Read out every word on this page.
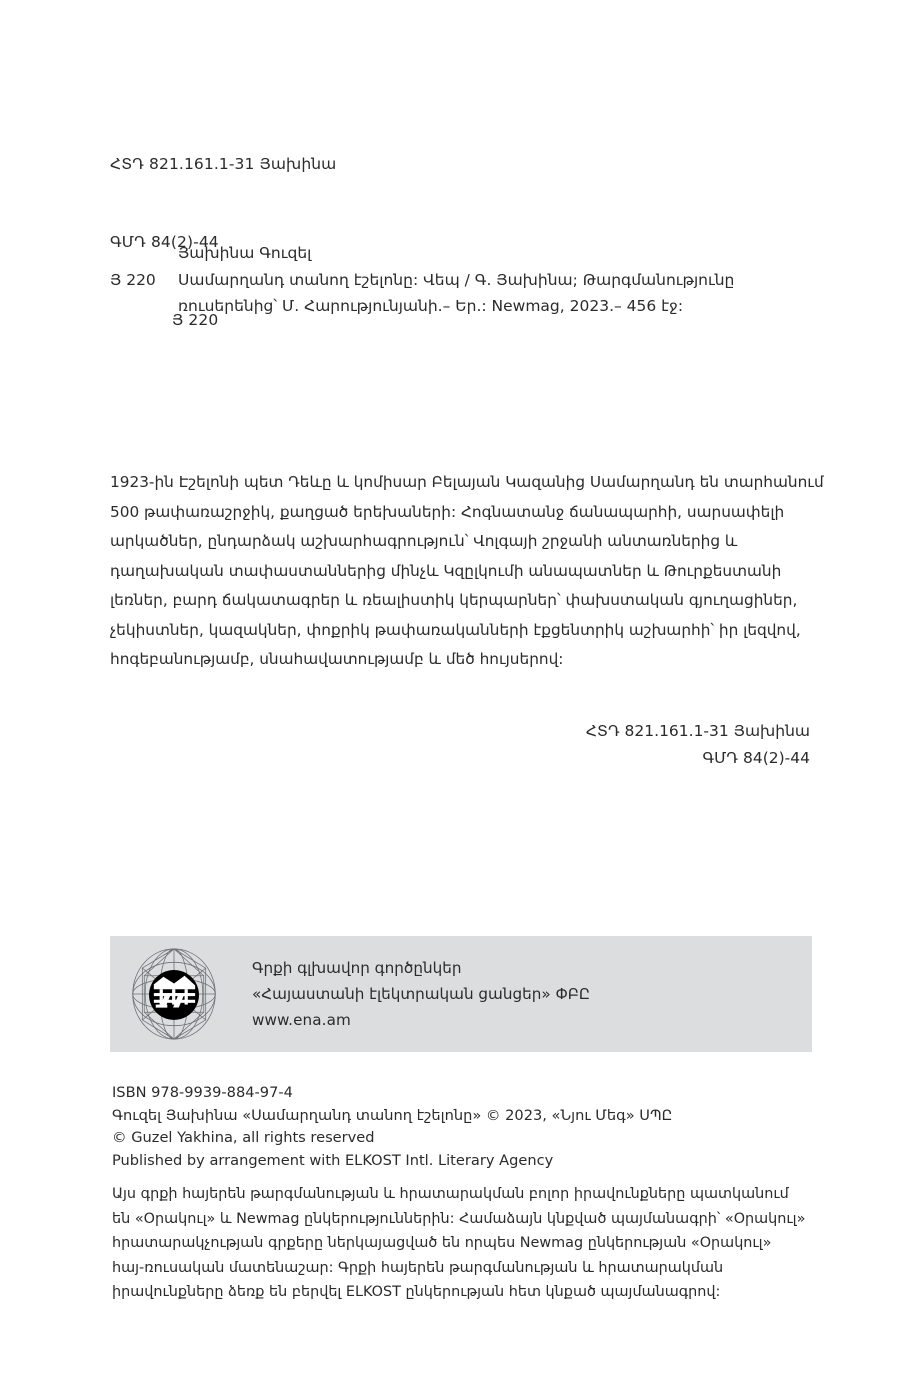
ՀՏԴ 821.161.1-31 Յախինա

ԳՄԴ 84(2)-44

Յ 220

Յախինա Գուզել
Յ 220	Սամարղանդ տանող էշելոնը: Վեպ / Գ. Յախինա; Թարգմանությունը
ռուսերենից՝ Մ. Հարությունյանի.– Եր.: Newmag, 2023.– 456 էջ:
1923-ին Էշելոնի պետ Դեևը և կոմիսար Բելայան Կազանից Սամարղանդ են տարհանում
500 թափառաշրջիկ, քաղցած երեխաների: Հոգնատանջ ճանապարհի, սարսափելի
արկածներ, ընդարձակ աշխարհագրություն՝ Վոլգայի շրջանի անտառներից և
դաղախական տափաստաններից մինչև Կզըլկումի անապատներ և Թուրքեստանի
լեռներ, բարդ ճակատագրեր և ռեալիստիկ կերպարներ՝ փախստական գյուղացիներ,
չեկիստներ, կազակներ, փոքրիկ թափառականների էքցենտրիկ աշխարհի՝ իր լեզվով,
հոգեբանությամբ, սնահավատությամբ և մեծ հույսերով:
ՀՏԴ 821.161.1-31 Յախինա
ԳՄԴ 84(2)-44
Գրքի գլխավոր գործընկեր
«Հայաստանի էլեկտրական ցանցեր» ՓԲԸ
www.ena.am
ISBN 978-9939-884-97-4
Գուզել Յախինա «Սամարղանդ տանող էշելոնը» © 2023, «Նյու Մեգ» ՍՊԸ
© Guzel Yakhina, all rights reserved
Published by arrangement with ELKOST Intl. Literary Agency
Այս գրքի հայերեն թարգմանության և հրատարակման բոլոր իրավունքները պատկանում
են «Օրակուլ» և Newmag ընկերություններին: Համաձայն կնքված պայմանագրի՝ «Օրակուլ»
հրատարակչության գրքերը ներկայացված են որպես Newmag ընկերության «Օրակուլ»
հայ-ռուսական մատենաշար: Գրքի հայերեն թարգմանության և հրատարակման
իրավունքները ձեռք են բերվել ELKOST ընկերության հետ կնքած պայմանագրով:
